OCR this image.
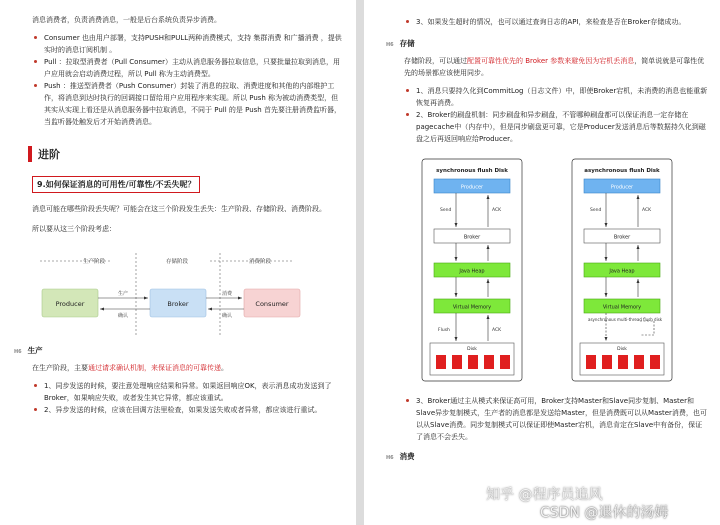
消息消费者，负责消费消息，一般是后台系统负责异步消费。

Consumer 也由用户部署，支持PUSH和PULL两种消费模式，支持 集群消费 和广播消费 ，提供 实时的消息订阅机制 。
Pull ：拉取型消费者（Pull Consumer）主动从消息服务器拉取信息，只要批量拉取到消息，用户应用就会启动消费过程，所以 Pull 称为主动消费型。
Push ：推送型消费者（Push Consumer）封装了消息的拉取、消费进度和其他的内部维护工作，将消息到达时执行的回调接口留给用户应用程序来实现。所以 Push 称为被动消费类型，但其实从实现上看还是从消息服务器中拉取消息，不同于 Pull 的是 Push 首先要注册消费监听器，当监听器处触发后才开始消费消息。
进阶
9.如何保证消息的可用性/可靠性/不丢失呢？

消息可能在哪些阶段丢失呢？可能会在这三个阶段发生丢失：生产阶段、存储阶段、消费阶段。

所以要从这三个阶段考虑：

生产阶段	存储阶段	消费阶段
Producer	Broker	Consumer
生产
确认
消费
确认
H6 生产

在生产阶段，主要通过请求确认机制，来保证消息的可靠传递。

1、同步发送的时候，要注意处理响应结果和异常。如果返回响应OK，表示消息成功发送到了Broker，如果响应失败，或者发生其它异常，都应该重试。
2、异步发送的时候，应该在回调方法里检查，如果发送失败或者异常，都应该进行重试。
3、如果发生超时的情况，也可以通过查询日志的API，来检查是否在Broker存储成功。
H6 存储

存储阶段，可以通过配置可靠性优先的 Broker 参数来避免因为宕机丢消息，简单说就是可靠性优先的场景都应该使用同步。

1、消息只要持久化到CommitLog（日志文件）中，即使Broker宕机，未消费的消息也能重新恢复再消费。
2、Broker的刷盘机制：同步刷盘和异步刷盘，不管哪种刷盘都可以保证消息一定存储在pagecache中（内存中），但是同步刷盘更可靠，它是Producer发送消息后等数据持久化到磁盘之后再返回响应给Producer。
synchronous flush Disk
Producer
Send	ACK
Broker
Java Heap
Virtual Memory
Flush	ACK
Disk
asynchronous flush Disk
Producer
Send	ACK
Broker
Java Heap
Virtual Memory
asynchronous multi-thread flush disk
Disk
3、Broker通过主从模式来保证高可用，Broker支持Master和Slave同步复制、Master和Slave异步复制模式，生产者的消息都是发送给Master，但是消费既可以从Master消费，也可以从Slave消费。同步复制模式可以保证即使Master宕机，消息肯定在Slave中有备份，保证了消息不会丢失。
H6 消费
知乎 @程序员追风
CSDN @退休的汤姆
